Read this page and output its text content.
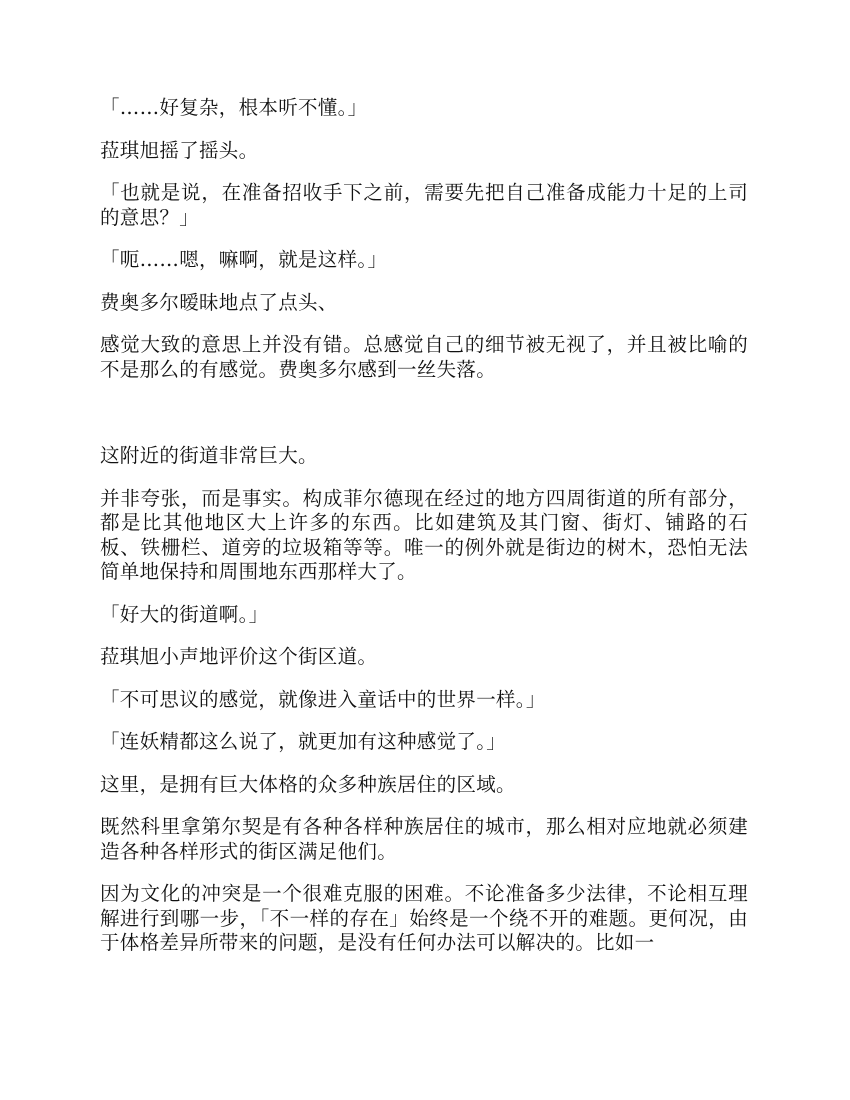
「……好复杂，根本听不懂。」

菈琪旭摇了摇头。

「也就是说，在准备招收手下之前，需要先把自己准备成能力十足的上司的意思？」

「呃……嗯，嘛啊，就是这样。」

费奥多尔暧昧地点了点头、

感觉大致的意思上并没有错。总感觉自己的细节被无视了，并且被比喻的不是那么的有感觉。费奥多尔感到一丝失落。

这附近的街道非常巨大。

并非夸张，而是事实。构成菲尔德现在经过的地方四周街道的所有部分，都是比其他地区大上许多的东西。比如建筑及其门窗、街灯、铺路的石板、铁栅栏、道旁的垃圾箱等等。唯一的例外就是街边的树木，恐怕无法简单地保持和周围地东西那样大了。

「好大的街道啊。」

菈琪旭小声地评价这个街区道。

「不可思议的感觉，就像进入童话中的世界一样。」

「连妖精都这么说了，就更加有这种感觉了。」

这里，是拥有巨大体格的众多种族居住的区域。

既然科里拿第尔契是有各种各样种族居住的城市，那么相对应地就必须建造各种各样形式的街区满足他们。

因为文化的冲突是一个很难克服的困难。不论准备多少法律，不论相互理解进行到哪一步，「不一样的存在」始终是一个绕不开的难题。更何况，由于体格差异所带来的问题，是没有任何办法可以解决的。比如一
